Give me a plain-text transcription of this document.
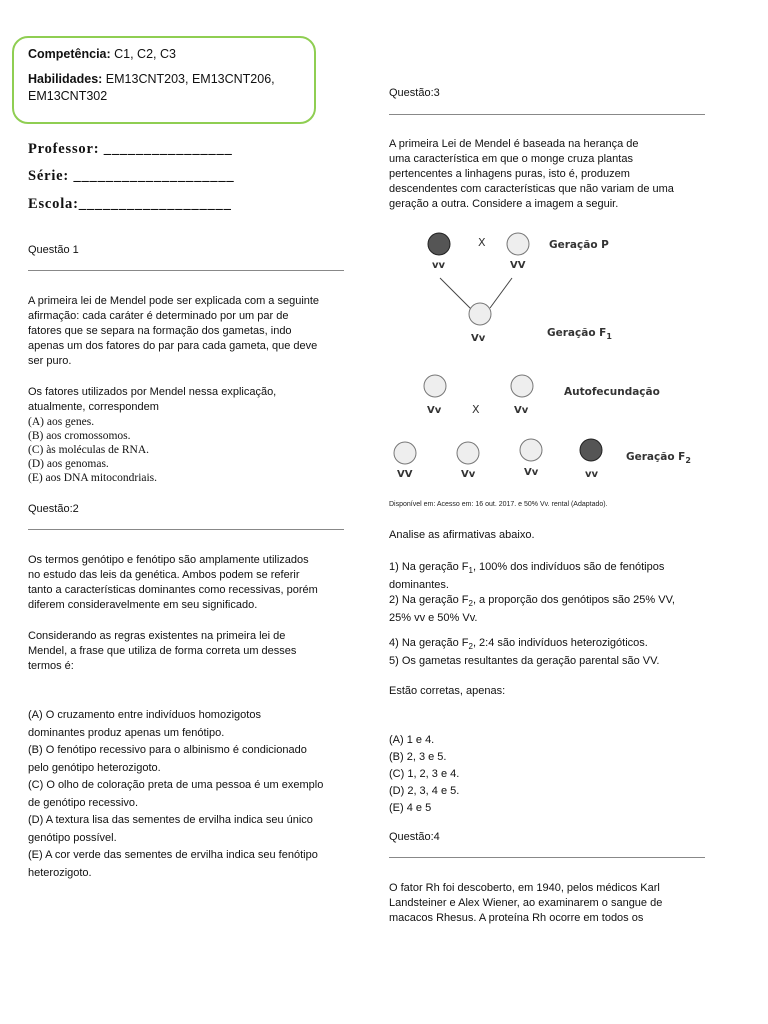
Competência: C1, C2, C3
Habilidades: EM13CNT203, EM13CNT206,
EM13CNT302
Professor: ________________
Série: ____________________
Escola:___________________
Questão 1
A primeira lei de Mendel pode ser explicada com a seguinte
afirmação: cada caráter é determinado por um par de
fatores que se separa na formação dos gametas, indo
apenas um dos fatores do par para cada gameta, que deve
ser puro.
Os fatores utilizados por Mendel nessa explicação,
atualmente, correspondem
(A) aos genes.
(B) aos cromossomos.
(C) às moléculas de RNA.
(D) aos genomas.
(E) aos DNA mitocondriais.
Questão:2
Os termos genótipo e fenótipo são amplamente utilizados
no estudo das leis da genética. Ambos podem se referir
tanto a características dominantes como recessivas, porém
diferem consideravelmente em seu significado.
Considerando as regras existentes na primeira lei de
Mendel, a frase que utiliza de forma correta um desses
termos é:
(A) O cruzamento entre indivíduos homozigotos
dominantes produz apenas um fenótipo.
(B) O fenótipo recessivo para o albinismo é condicionado
pelo genótipo heterozigoto.
(C) O olho de coloração preta de uma pessoa é um exemplo
de genótipo recessivo.
(D) A textura lisa das sementes de ervilha indica seu único
genótipo possível.
(E) A cor verde das sementes de ervilha indica seu fenótipo
heterozigoto.
Questão:3
A primeira Lei de Mendel é baseada na herança de
uma característica em que o monge cruza plantas
pertencentes a linhagens puras, isto é, produzem
descendentes com características que não variam de uma
geração a outra. Considere a imagem a seguir.
X
vv	VV
Geração P
Vv	Geração $F_1$
Vv	X	Vv
Autofecundação
VV	Vv	Vv	vv
Geração $F_2$
Disponível em: Acesso em: 16 out. 2017. e 50% Vv. rental (Adaptado).
Analise as afirmativas abaixo.
1) Na geração $F_1$, 100% dos indivíduos são de fenótipos
dominantes.
2) Na geração $F_2$, a proporção dos genótipos são 25% VV,
25% vv e 50% Vv.
4) Na geração $F_2$, 2:4 são indivíduos heterozigóticos.
5) Os gametas resultantes da geração parental são VV.
Estão corretas, apenas:
(A) 1 e 4.
(B) 2, 3 e 5.
(C) 1, 2, 3 e 4.
(D) 2, 3, 4 e 5.
(E) 4 e 5
Questão:4
O fator Rh foi descoberto, em 1940, pelos médicos Karl
Landsteiner e Alex Wiener, ao examinarem o sangue de
macacos Rhesus. A proteína Rh ocorre em todos os
